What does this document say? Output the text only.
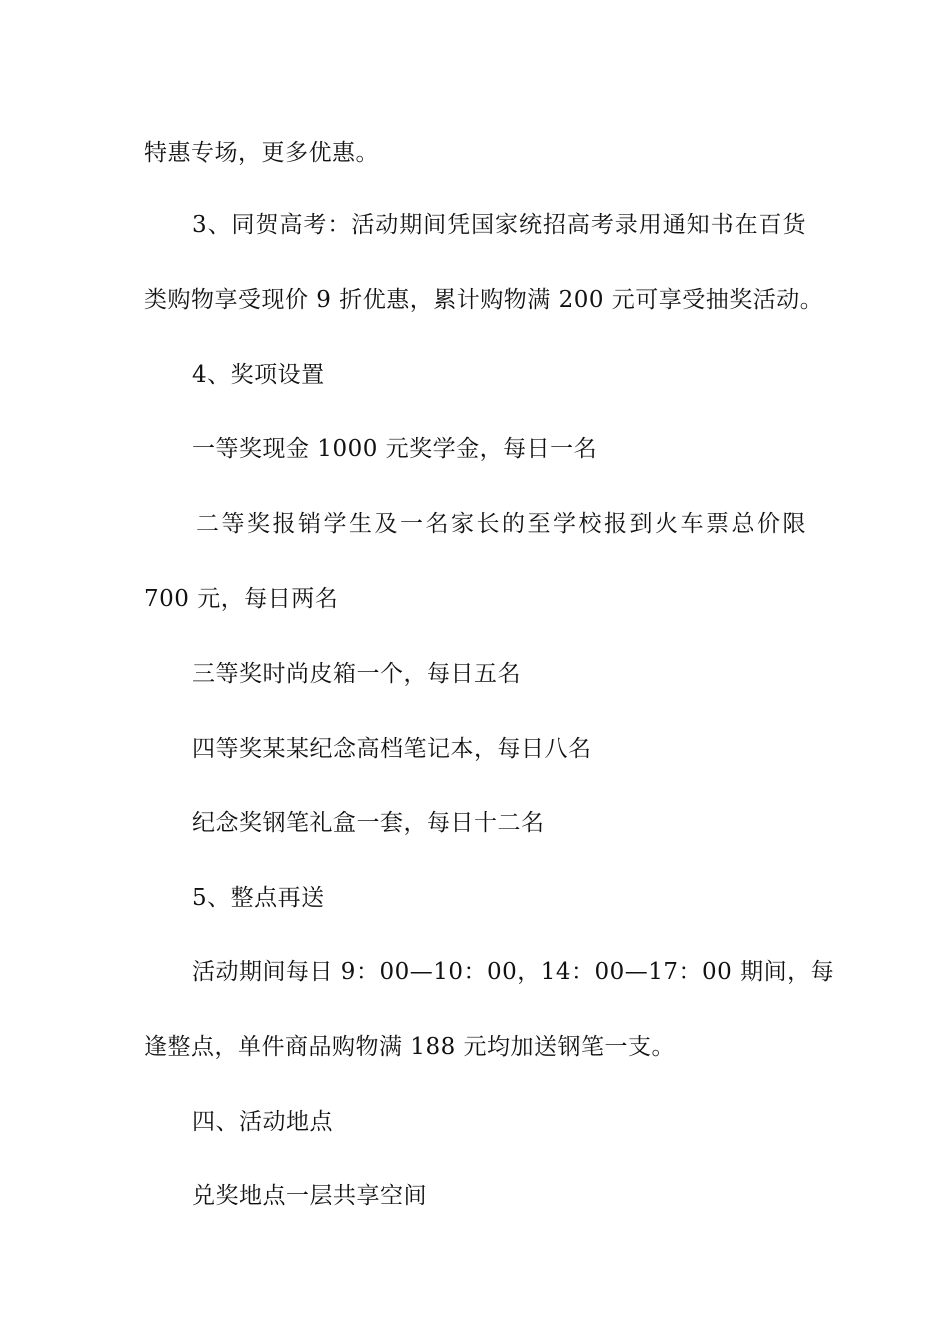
特惠专场，更多优惠。
3、同贺高考：活动期间凭国家统招高考录用通知书在百货
类购物享受现价 9 折优惠，累计购物满 200 元可享受抽奖活动。
4、奖项设置
一等奖现金 1000 元奖学金，每日一名
二等奖报销学生及一名家长的至学校报到火车票总价限
700 元，每日两名
三等奖时尚皮箱一个，每日五名
四等奖某某纪念高档笔记本，每日八名
纪念奖钢笔礼盒一套，每日十二名
5、整点再送
活动期间每日 9：00—10：00，14：00—17：00 期间，每
逢整点，单件商品购物满 188 元均加送钢笔一支。
四、活动地点
兑奖地点一层共享空间
